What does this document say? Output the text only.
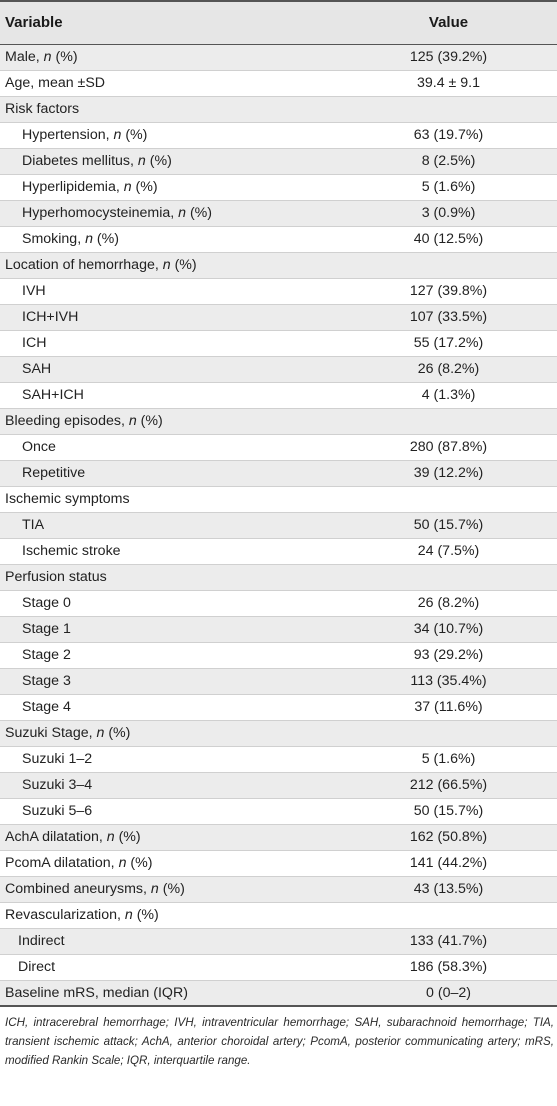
Variable	Value
Male, n (%)	125 (39.2%)
Age, mean ±SD	39.4 ± 9.1
Risk factors	
Hypertension, n (%)	63 (19.7%)
Diabetes mellitus, n (%)	8 (2.5%)
Hyperlipidemia, n (%)	5 (1.6%)
Hyperhomocysteinemia, n (%)	3 (0.9%)
Smoking, n (%)	40 (12.5%)
Location of hemorrhage, n (%)	
IVH	127 (39.8%)
ICH+IVH	107 (33.5%)
ICH	55 (17.2%)
SAH	26 (8.2%)
SAH+ICH	4 (1.3%)
Bleeding episodes, n (%)	
Once	280 (87.8%)
Repetitive	39 (12.2%)
Ischemic symptoms	
TIA	50 (15.7%)
Ischemic stroke	24 (7.5%)
Perfusion status	
Stage 0	26 (8.2%)
Stage 1	34 (10.7%)
Stage 2	93 (29.2%)
Stage 3	113 (35.4%)
Stage 4	37 (11.6%)
Suzuki Stage, n (%)	
Suzuki 1–2	5 (1.6%)
Suzuki 3–4	212 (66.5%)
Suzuki 5–6	50 (15.7%)
AchA dilatation, n (%)	162 (50.8%)
PcomA dilatation, n (%)	141 (44.2%)
Combined aneurysms, n (%)	43 (13.5%)
Revascularization, n (%)	
Indirect	133 (41.7%)
Direct	186 (58.3%)
Baseline mRS, median (IQR)	0 (0–2)
ICH, intracerebral hemorrhage; IVH, intraventricular hemorrhage; SAH, subarachnoid hemorrhage; TIA, transient ischemic attack; AchA, anterior choroidal artery; PcomA, posterior communicating artery; mRS, modified Rankin Scale; IQR, interquartile range.
